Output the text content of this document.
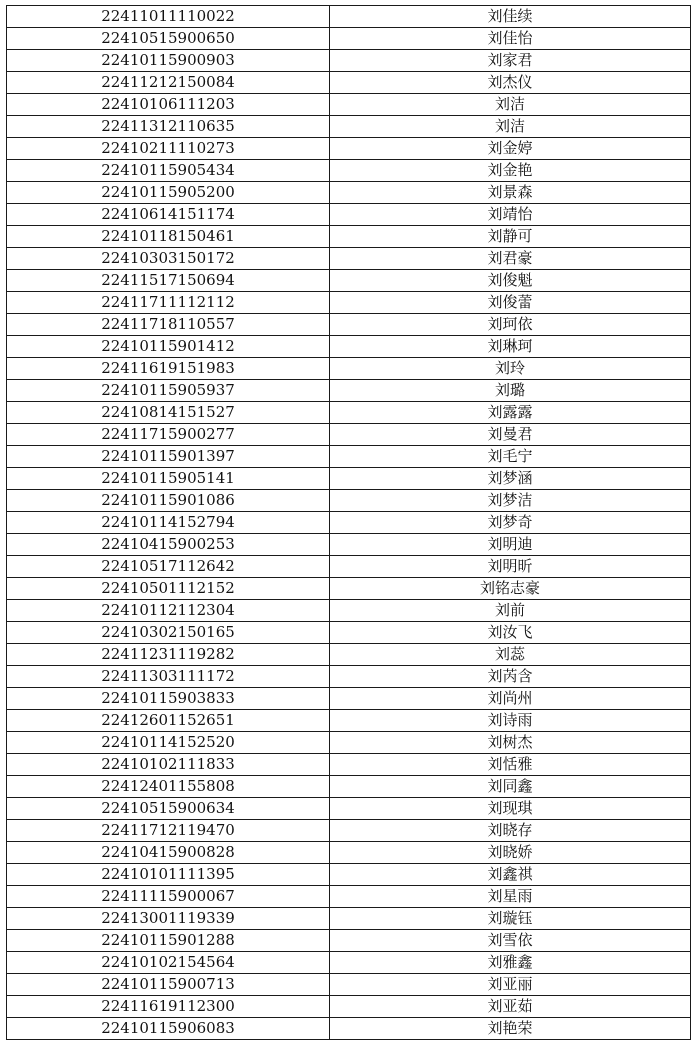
22411011110022	刘佳续
22410515900650	刘佳怡
22410115900903	刘家君
22411212150084	刘杰仪
22410106111203	刘洁
22411312110635	刘洁
22410211110273	刘金婷
22410115905434	刘金艳
22410115905200	刘景森
22410614151174	刘靖怡
22410118150461	刘静可
22410303150172	刘君豪
22411517150694	刘俊魁
22411711112112	刘俊蕾
22411718110557	刘珂依
22410115901412	刘琳珂
22411619151983	刘玲
22410115905937	刘璐
22410814151527	刘露露
22411715900277	刘曼君
22410115901397	刘毛宁
22410115905141	刘梦涵
22410115901086	刘梦洁
22410114152794	刘梦奇
22410415900253	刘明迪
22410517112642	刘明昕
22410501112152	刘铭志豪
22410112112304	刘前
22410302150165	刘汝飞
22411231119282	刘蕊
22411303111172	刘芮含
22410115903833	刘尚州
22412601152651	刘诗雨
22410114152520	刘树杰
22410102111833	刘恬雅
22412401155808	刘同鑫
22410515900634	刘现琪
22411712119470	刘晓存
22410415900828	刘晓娇
22410101111395	刘鑫祺
22411115900067	刘星雨
22413001119339	刘璇钰
22410115901288	刘雪依
22410102154564	刘雅鑫
22410115900713	刘亚丽
22411619112300	刘亚茹
22410115906083	刘艳荣
